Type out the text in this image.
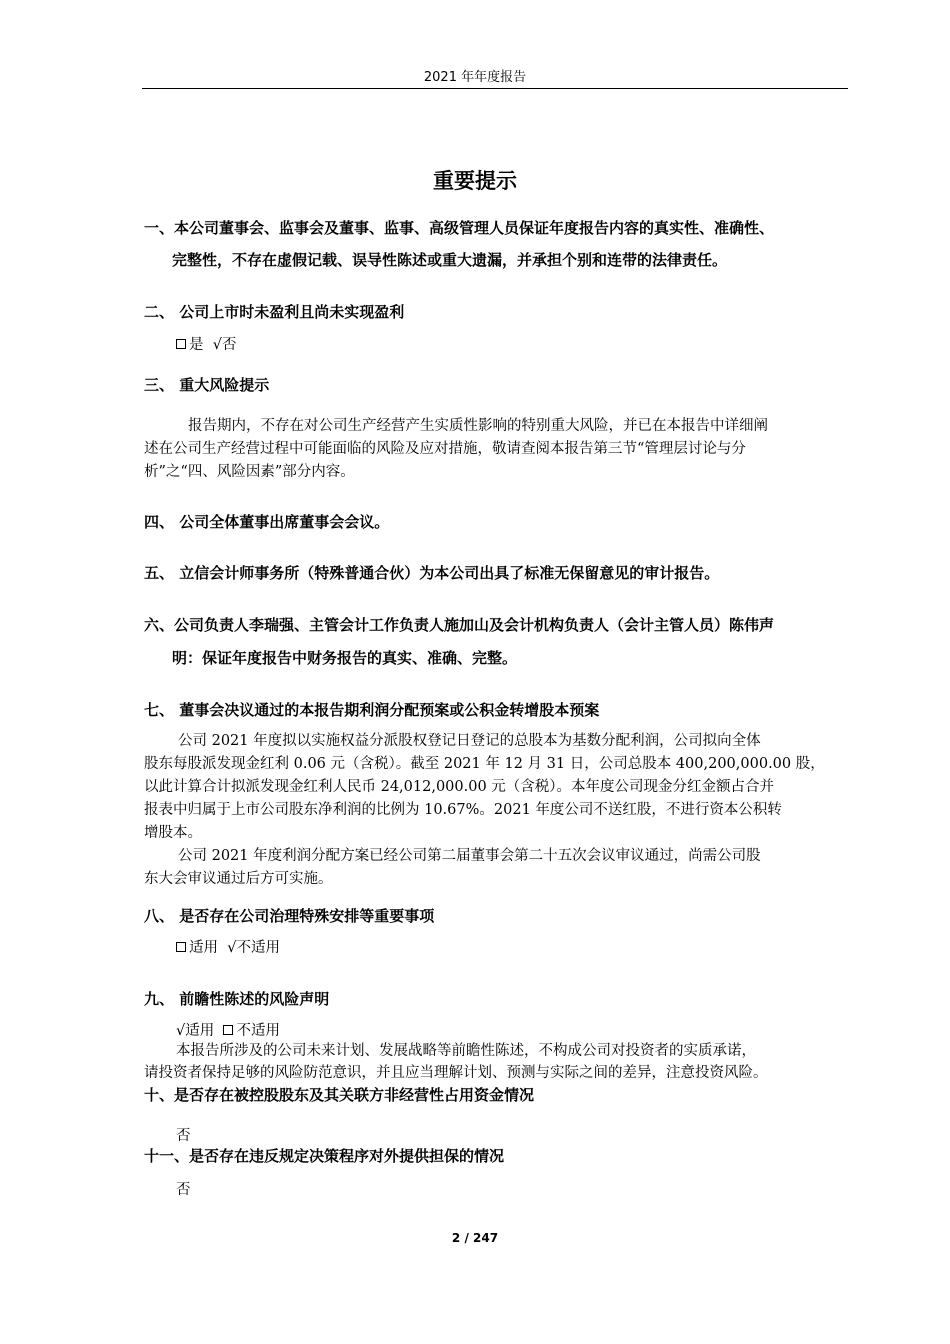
2021 年年度报告
重要提示
一、本公司董事会、监事会及董事、监事、高级管理人员保证年度报告内容的真实性、准确性、
完整性，不存在虚假记载、误导性陈述或重大遗漏，并承担个别和连带的法律责任。
二、 公司上市时未盈利且尚未实现盈利
是 √否
三、 重大风险提示
报告期内，不存在对公司生产经营产生实质性影响的特别重大风险，并已在本报告中详细阐
述在公司生产经营过程中可能面临的风险及应对措施，敬请查阅本报告第三节“管理层讨论与分
析”之“四、风险因素”部分内容。
四、 公司全体董事出席董事会会议。
五、 立信会计师事务所（特殊普通合伙）为本公司出具了标准无保留意见的审计报告。
六、公司负责人李瑞强、主管会计工作负责人施加山及会计机构负责人（会计主管人员）陈伟声
明：保证年度报告中财务报告的真实、准确、完整。
七、 董事会决议通过的本报告期利润分配预案或公积金转增股本预案
公司 2021 年度拟以实施权益分派股权登记日登记的总股本为基数分配利润，公司拟向全体
股东每股派发现金红利 0.06 元（含税）。截至 2021 年 12 月 31 日，公司总股本 400,200,000.00 股，
以此计算合计拟派发现金红利人民币 24,012,000.00 元（含税）。本年度公司现金分红金额占合并
报表中归属于上市公司股东净利润的比例为 10.67%。2021 年度公司不送红股，不进行资本公积转
增股本。
公司 2021 年度利润分配方案已经公司第二届董事会第二十五次会议审议通过，尚需公司股
东大会审议通过后方可实施。
八、 是否存在公司治理特殊安排等重要事项
适用 √不适用
九、 前瞻性陈述的风险声明
√适用 不适用
本报告所涉及的公司未来计划、发展战略等前瞻性陈述，不构成公司对投资者的实质承诺，
请投资者保持足够的风险防范意识，并且应当理解计划、预测与实际之间的差异，注意投资风险。
十、是否存在被控股股东及其关联方非经营性占用资金情况
否
十一、是否存在违反规定决策程序对外提供担保的情况
否
2 / 247
